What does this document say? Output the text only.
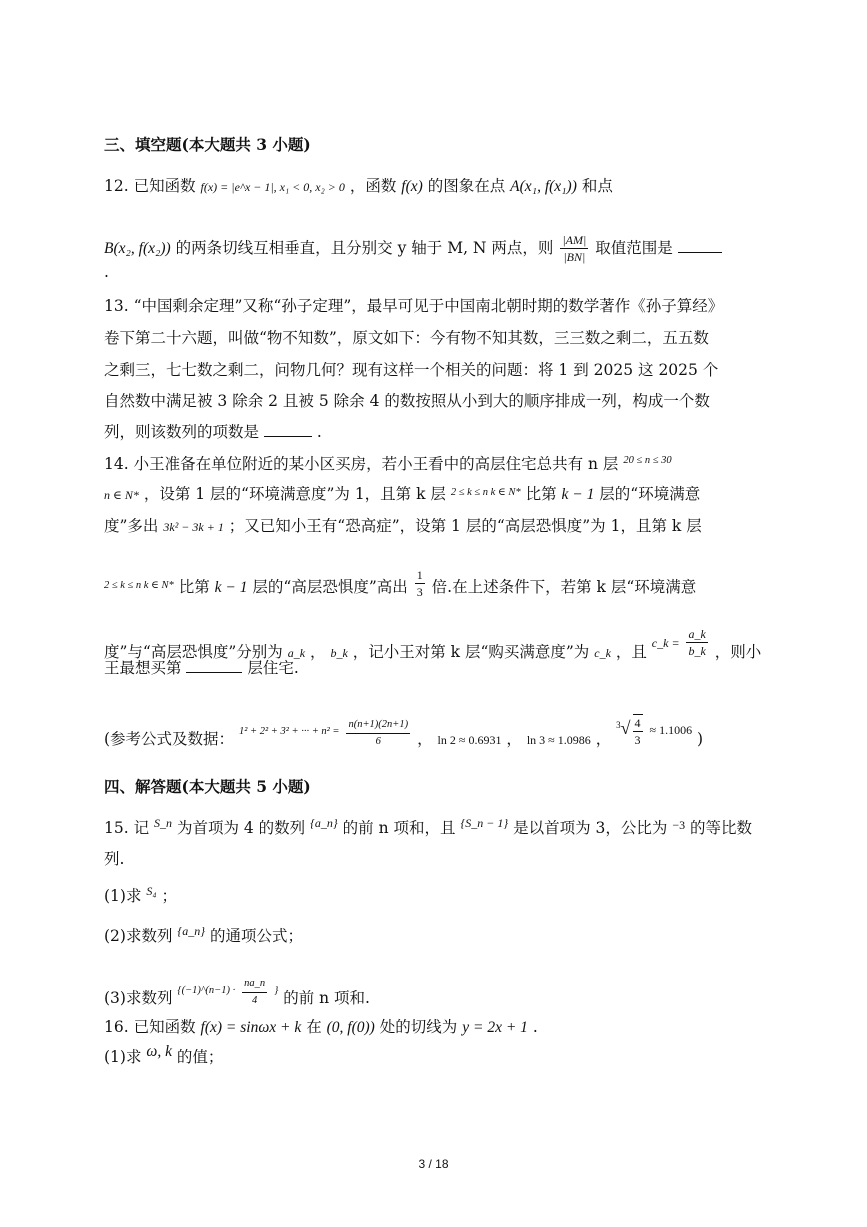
三、填空题(本大题共 3 小题)
12. 已知函数 f(x) = |e^x − 1|, x₁ < 0, x₂ > 0 ，函数 f(x) 的图象在点 A(x₁, f(x₁)) 和点
B(x₂, f(x₂)) 的两条切线互相垂直，且分别交 y 轴于 M, N 两点，则 $\frac{|AM|}{|BN|}$ 取值范围是
.
13. “中国剩余定理”又称“孙子定理”，最早可见于中国南北朝时期的数学著作《孙子算经》
卷下第二十六题，叫做“物不知数”，原文如下：今有物不知其数，三三数之剩二，五五数
之剩三，七七数之剩二，问物几何？现有这样一个相关的问题：将 1 到 2025 这 2025 个
自然数中满足被 3 除余 2 且被 5 除余 4 的数按照从小到大的顺序排成一列，构成一个数
列，则该数列的项数是	.
14. 小王准备在单位附近的某小区买房，若小王看中的高层住宅总共有 n 层 $^{20 \le n \le 30}$
n ∈ N* ，设第 1 层的“环境满意度”为 1，且第 k 层 $^{2 \le k \le n k \in N*}$ 比第 k − 1 层的“环境满意
度”多出 3k² − 3k + 1 ；又已知小王有“恐高症”，设第 1 层的“高层恐惧度”为 1，且第 k 层
$^{2 \le k \le n k \in N*}$ 比第 k − 1 层的“高层恐惧度”高出 $\frac{1}{3}$ 倍.在上述条件下，若第 k 层“环境满意
度”与“高层恐惧度”分别为 a_k ， b_k ，记小王对第 k 层“购买满意度”为 c_k ，且 $^{c\_k =} \frac{a\_k}{b\_k}$ ，则小
王最想买第	层住宅.
(参考公式及数据： $^{1^2 + 2^2 + 3^2 + \cdot\cdot\cdot + n^2 =} \frac{n(n+1)(2n+1)}{6}$ ， ln 2 ≈ 0.6931 ， ln 3 ≈ 1.0986 ， $^3√ \frac{4}{3} \approx 1.1006$ )
四、解答题(本大题共 5 小题)
15. 记 $^{S\_n}$ 为首项为 4 的数列 $^{\{a\_n\}}$ 的前 n 项和，且 $^{\{S\_n - 1\}}$ 是以首项为 3，公比为 $^{-3}$ 的等比数
列.
(1)求 $^{S_4}$ ；
(2)求数列 $^{\{a\_n\}}$ 的通项公式；
(3)求数列 $^{\{(-1)\^{}(n-1) \cdot} \frac{na\_n}{4} ^{\}}$ 的前 n 项和.
16. 已知函数 f(x) = sinωx + k 在 (0, f(0)) 处的切线为 y = 2x + 1 .
(1)求 ω, k 的值；
3 / 18
